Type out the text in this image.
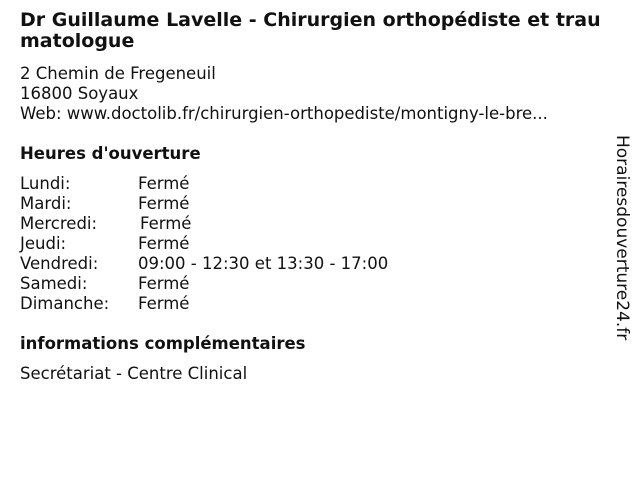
Dr Guillaume Lavelle - Chirurgien orthopédiste et traumatologue
2 Chemin de Fregeneuil
16800 Soyaux
Web: www.doctolib.fr/chirurgien-orthopediste/montigny-le-bre...
Heures d'ouverture
Lundi:	Fermé
Mardi:	Fermé
Mercredi:	Fermé
Jeudi:	Fermé
Vendredi: 09:00 - 12:30 et 13:30 - 17:00
Samedi:	Fermé
Dimanche: Fermé
informations complémentaires
Secrétariat - Centre Clinical
Horairesdouverture24.fr
